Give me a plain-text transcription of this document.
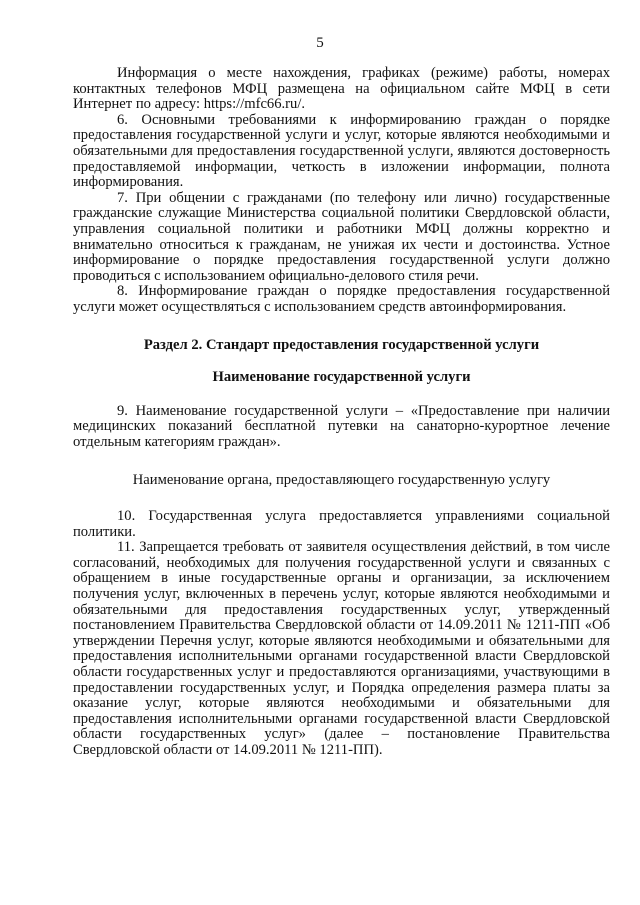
5

Информация о месте нахождения, графиках (режиме) работы, номерах контактных телефонов МФЦ размещена на официальном сайте МФЦ в сети Интернет по адресу: https://mfc66.ru/.

6. Основными требованиями к информированию граждан о порядке предоставления государственной услуги и услуг, которые являются необходимыми и обязательными для предоставления государственной услуги, являются достоверность предоставляемой информации, четкость в изложении информации, полнота информирования.

7. При общении с гражданами (по телефону или лично) государственные гражданские служащие Министерства социальной политики Свердловской области, управления социальной политики и работники МФЦ должны корректно и внимательно относиться к гражданам, не унижая их чести и достоинства. Устное информирование о порядке предоставления государственной услуги должно проводиться с использованием официально-делового стиля речи.

8. Информирование граждан о порядке предоставления государственной услуги может осуществляться с использованием средств автоинформирования.

Раздел 2. Стандарт предоставления государственной услуги

Наименование государственной услуги

9. Наименование государственной услуги – «Предоставление при наличии медицинских показаний бесплатной путевки на санаторно-курортное лечение отдельным категориям граждан».

Наименование органа, предоставляющего государственную услугу

10. Государственная услуга предоставляется управлениями социальной политики.

11. Запрещается требовать от заявителя осуществления действий, в том числе согласований, необходимых для получения государственной услуги и связанных с обращением в иные государственные органы и организации, за исключением получения услуг, включенных в перечень услуг, которые являются необходимыми и обязательными для предоставления государственных услуг, утвержденный постановлением Правительства Свердловской области от 14.09.2011 № 1211-ПП «Об утверждении Перечня услуг, которые являются необходимыми и обязательными для предоставления исполнительными органами государственной власти Свердловской области государственных услуг и предоставляются организациями, участвующими в предоставлении государственных услуг, и Порядка определения размера платы за оказание услуг, которые являются необходимыми и обязательными для предоставления исполнительными органами государственной власти Свердловской области государственных услуг» (далее – постановление Правительства Свердловской области от 14.09.2011 № 1211-ПП).
